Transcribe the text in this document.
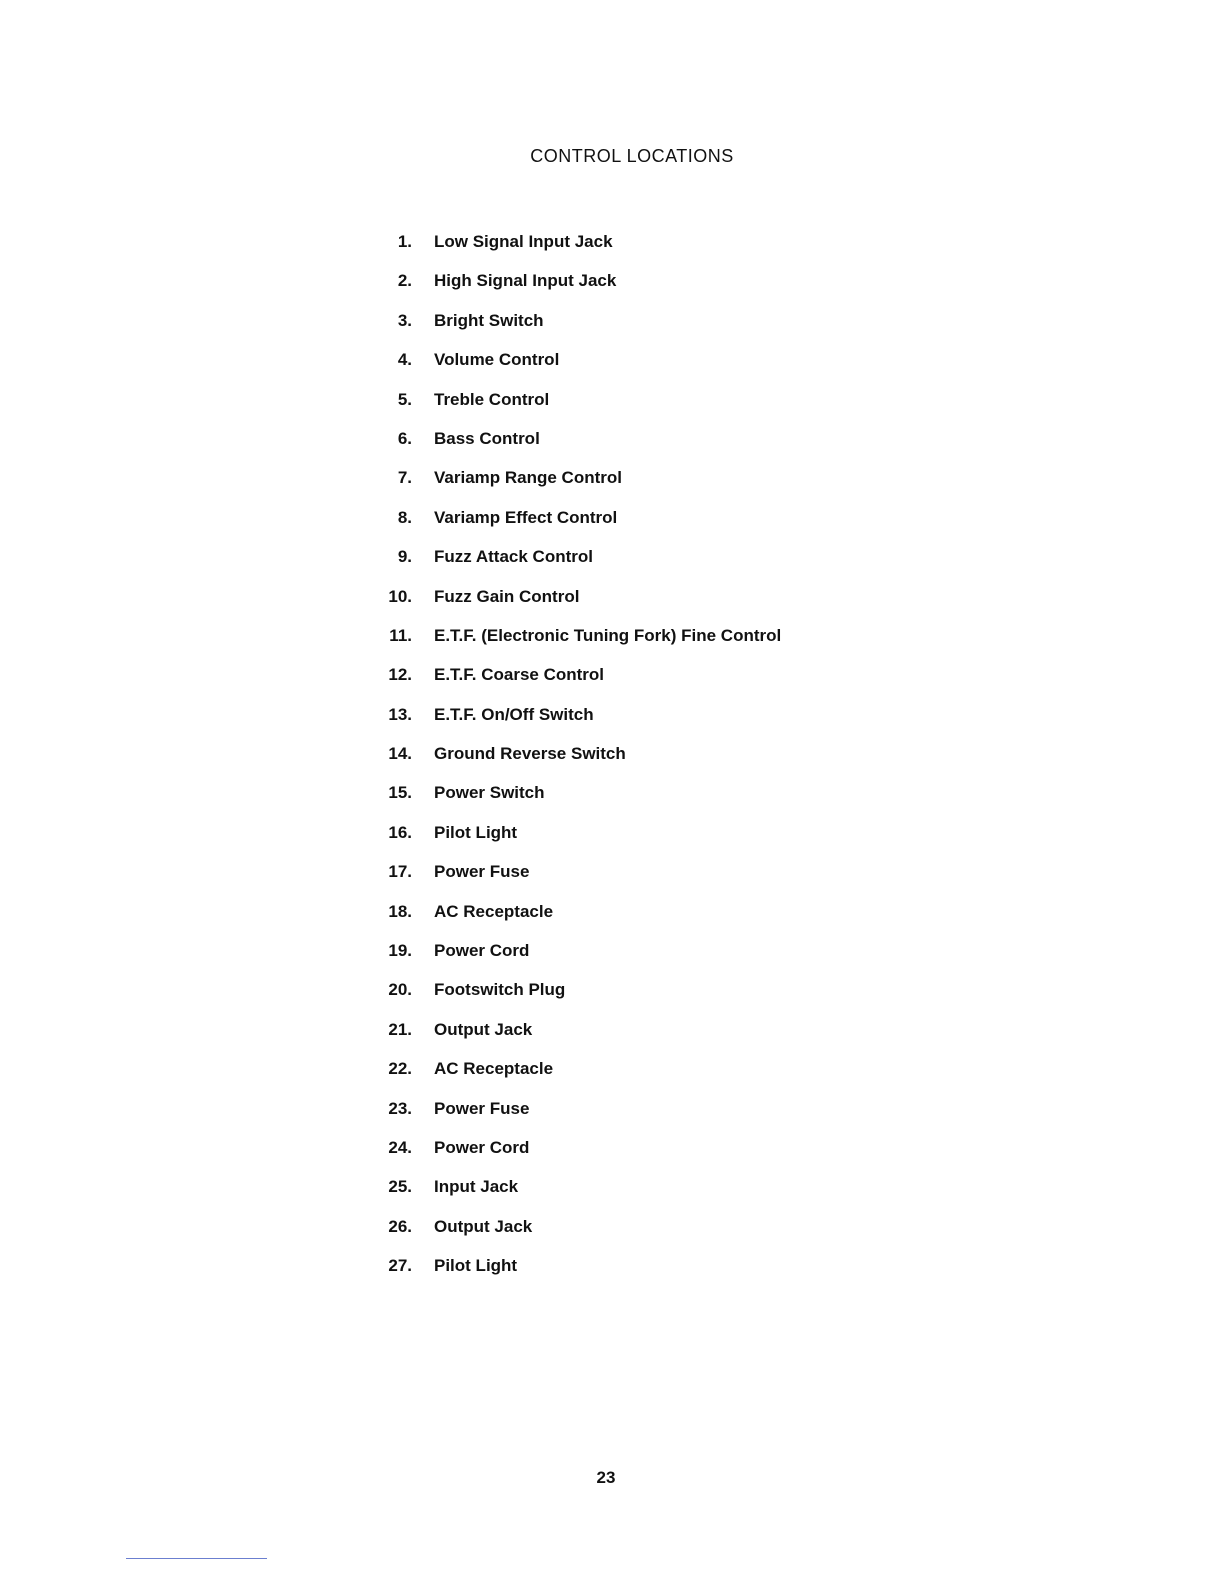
CONTROL LOCATIONS
1.	Low Signal Input Jack
2.	High Signal Input Jack
3.	Bright Switch
4.	Volume Control
5.	Treble Control
6.	Bass Control
7.	Variamp Range Control
8.	Variamp Effect Control
9.	Fuzz Attack Control
10.	Fuzz Gain Control
11.	E.T.F. (Electronic Tuning Fork) Fine Control
12.	E.T.F. Coarse Control
13.	E.T.F. On/Off Switch
14.	Ground Reverse Switch
15.	Power Switch
16.	Pilot Light
17.	Power Fuse
18.	AC Receptacle
19.	Power Cord
20.	Footswitch Plug
21.	Output Jack
22.	AC Receptacle
23.	Power Fuse
24.	Power Cord
25.	Input Jack
26.	Output Jack
27.	Pilot Light
23
